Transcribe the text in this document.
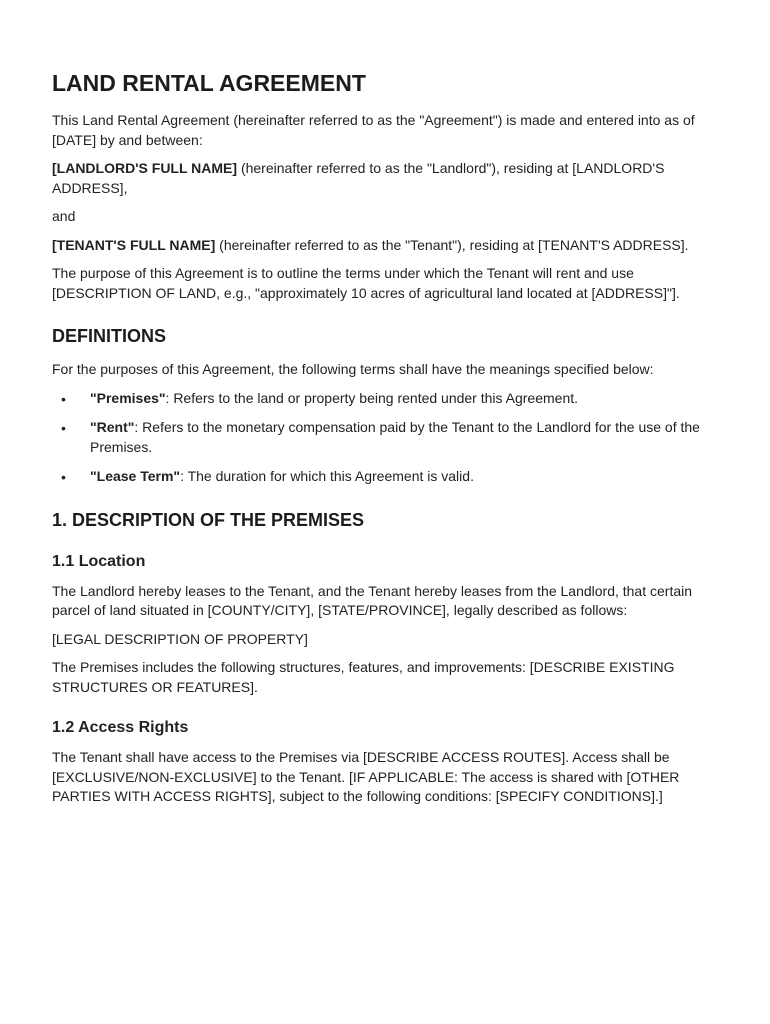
LAND RENTAL AGREEMENT

This Land Rental Agreement (hereinafter referred to as the "Agreement") is made and entered into as of [DATE] by and between:

[LANDLORD'S FULL NAME] (hereinafter referred to as the "Landlord"), residing at [LANDLORD'S ADDRESS],

and

[TENANT'S FULL NAME] (hereinafter referred to as the "Tenant"), residing at [TENANT'S ADDRESS].

The purpose of this Agreement is to outline the terms under which the Tenant will rent and use [DESCRIPTION OF LAND, e.g., "approximately 10 acres of agricultural land located at [ADDRESS]"].

DEFINITIONS

For the purposes of this Agreement, the following terms shall have the meanings specified below:

• "Premises": Refers to the land or property being rented under this Agreement.
• "Rent": Refers to the monetary compensation paid by the Tenant to the Landlord for the use of the Premises.
• "Lease Term": The duration for which this Agreement is valid.
1. DESCRIPTION OF THE PREMISES
1.1 Location

The Landlord hereby leases to the Tenant, and the Tenant hereby leases from the Landlord, that certain parcel of land situated in [COUNTY/CITY], [STATE/PROVINCE], legally described as follows:

[LEGAL DESCRIPTION OF PROPERTY]

The Premises includes the following structures, features, and improvements: [DESCRIBE EXISTING STRUCTURES OR FEATURES].

1.2 Access Rights

The Tenant shall have access to the Premises via [DESCRIBE ACCESS ROUTES]. Access shall be [EXCLUSIVE/NON-EXCLUSIVE] to the Tenant. [IF APPLICABLE: The access is shared with [OTHER PARTIES WITH ACCESS RIGHTS], subject to the following conditions: [SPECIFY CONDITIONS].]
